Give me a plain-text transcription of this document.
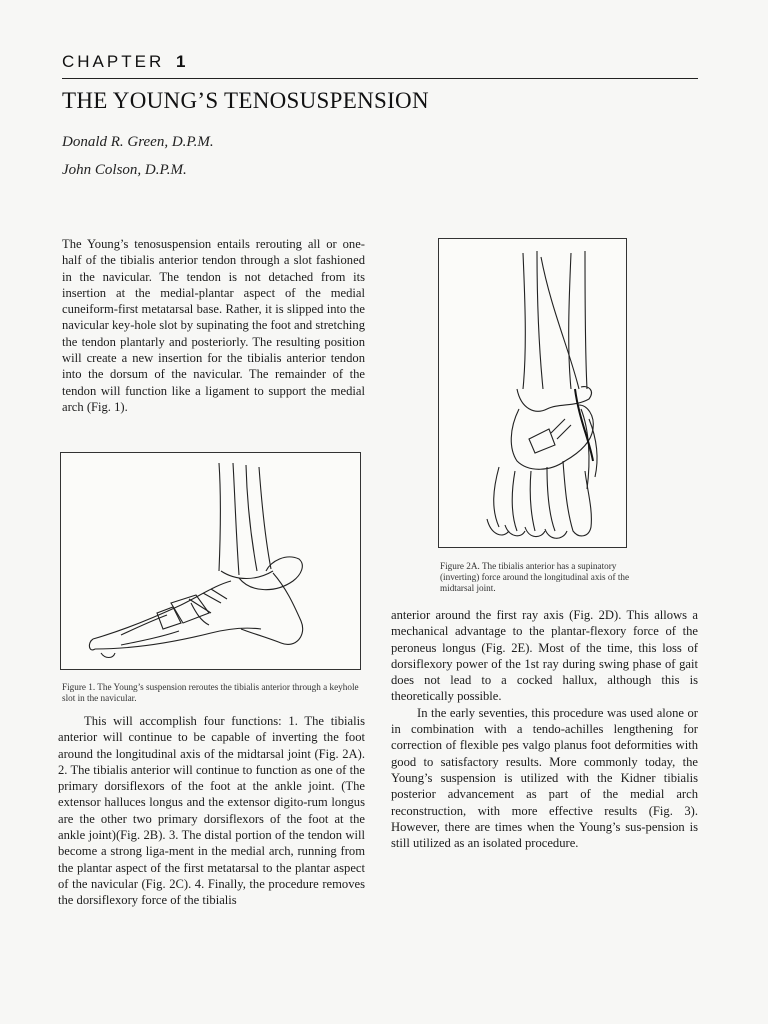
CHAPTER 1
THE YOUNG’S TENOSUSPENSION
Donald R. Green, D.P.M.
John Colson, D.P.M.

The Young’s tenosuspension entails rerouting all or one-half of the tibialis anterior tendon through a slot fashioned in the navicular. The tendon is not detached from its insertion at the medial-plantar aspect of the medial cuneiform-first metatarsal base. Rather, it is slipped into the navicular key-hole slot by supinating the foot and stretching the tendon plantarly and posteriorly. The resulting position will create a new insertion for the tibialis anterior tendon into the dorsum of the navicular. The remainder of the tendon will function like a ligament to support the medial arch (Fig. 1).

Figure 1. The Young’s suspension reroutes the tibialis anterior through a keyhole slot in the navicular.

This will accomplish four functions: 1. The tibialis anterior will continue to be capable of inverting the foot around the longitudinal axis of the midtarsal joint (Fig. 2A). 2. The tibialis anterior will continue to function as one of the primary dorsiflexors of the foot at the ankle joint. (The extensor halluces longus and the extensor digito-rum longus are the other two primary dorsiflexors of the foot at the ankle joint)(Fig. 2B). 3. The distal portion of the tendon will become a strong liga-ment in the medial arch, running from the plantar aspect of the first metatarsal to the plantar aspect of the navicular (Fig. 2C). 4. Finally, the procedure removes the dorsiflexory force of the tibialis

Figure 2A. The tibialis anterior has a supinatory (inverting) force around the longitudinal axis of the midtarsal joint.

anterior around the first ray axis (Fig. 2D). This allows a mechanical advantage to the plantar-flexory force of the peroneus longus (Fig. 2E). Most of the time, this loss of dorsiflexory power of the 1st ray during swing phase of gait does not lead to a cocked hallux, although this is theoretically possible.

In the early seventies, this procedure was used alone or in combination with a tendo-achilles lengthening for correction of flexible pes valgo planus foot deformities with good to satisfactory results. More commonly today, the Young’s suspension is utilized with the Kidner tibialis posterior advancement as part of the medial arch reconstruction, with more effective results (Fig. 3). However, there are times when the Young’s sus-pension is still utilized as an isolated procedure.
